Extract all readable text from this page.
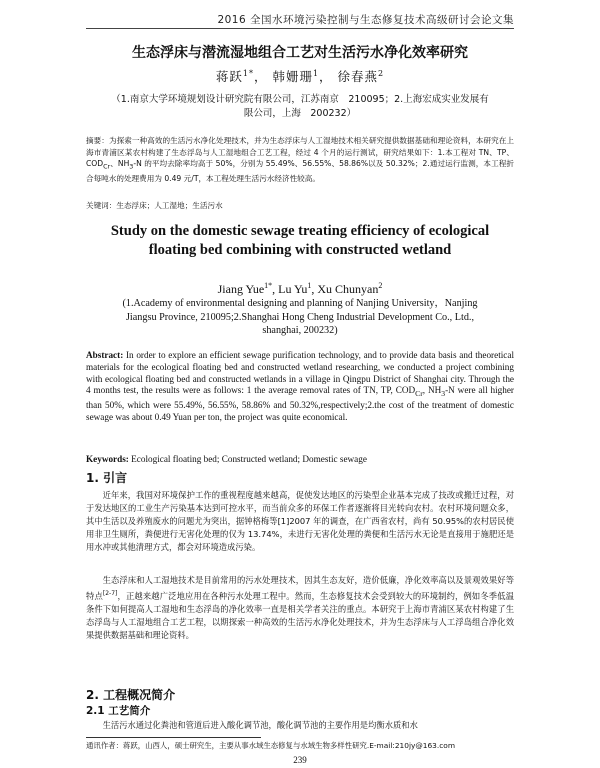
2016 全国水环境污染控制与生态修复技术高级研讨会论文集
生态浮床与潜流湿地组合工艺对生活污水净化效率研究
蒋跃$^{1*}$， 韩姗珊$^1$， 徐春燕$^2$
（1.南京大学环境规划设计研究院有限公司，江苏南京　210095；2.上海宏成实业发展有限公司，上海　200232）
摘要：为探索一种高效的生活污水净化处理技术，并为生态浮床与人工湿地技术相关研究提供数据基础和理论资料，本研究在上海市青浦区某农村构建了生态浮岛与人工湿地组合工艺工程，经过 4 个月的运行测试，研究结果如下：1.本工程对 TN、TP、$COD_{Cr}$、$NH_3-N$ 的平均去除率均高于 50%，分别为 55.49%、56.55%、58.86%以及 50.32%；2.通过运行监测，本工程折合每吨水的处理费用为 0.49 元/T，本工程处理生活污水经济性较高。
关键词：生态浮床；人工湿地；生活污水
Study on the domestic sewage treating efficiency of ecological floating bed combining with constructed wetland
Jiang Yue$^{1*}$, Lu Yu$^1$, Xu Chunyan$^2$
(1.Academy of environmental designing and planning of Nanjing University，Nanjing Jiangsu Province, 210095;2.Shanghai Hong Cheng Industrial Development Co., Ltd., shanghai, 200232)
Abstract: In order to explore an efficient sewage purification technology, and to provide data basis and theoretical materials for the ecological floating bed and constructed wetland researching, we conducted a project combining with ecological floating bed and constructed wetlands in a village in Qingpu District of Shanghai city. Through the 4 months test, the results were as follows: 1 the average removal rates of TN, TP, $COD_{Cr}$, $NH_3-N$ were all higher than 50%, which were 55.49%, 56.55%, 58.86% and 50.32%,respectively;2.the cost of the treatment of domestic sewage was about 0.49 Yuan per ton, the project was quite economical.
Keywords: Ecological floating bed; Constructed wetland; Domestic sewage
1. 引言
近年来，我国对环境保护工作的重视程度越来越高，促使发达地区的污染型企业基本完成了技改或搬迁过程，对于发达地区的工业生产污染基本达到可控水平，而当前众多的环保工作者逐渐将目光转向农村。农村环境问题众多，其中生活以及养殖废水的问题尤为突出，据钟格梅等[1]2007 年的调查，在广西省农村，尚有 50.95%的农村居民使用非卫生厕所，粪便进行无害化处理的仅为 13.74%，未进行无害化处理的粪便和生活污水无论是直接用于施肥还是用水冲或其他清理方式，都会对环境造成污染。
生态浮床和人工湿地技术是目前常用的污水处理技术，因其生态友好，造价低廉，净化效率高以及景观效果好等特点[2-7]，正越来越广泛地应用在各种污水处理工程中。然而，生态修复技术会受到较大的环境制约，例如冬季低温条件下如何提高人工湿地和生态浮岛的净化效率一直是相关学者关注的重点。本研究于上海市青浦区某农村构建了生态浮岛与人工湿地组合工艺工程，以期探索一种高效的生活污水净化处理技术，并为生态浮床与人工浮岛组合净化效果提供数据基础和理论资料。
2. 工程概况简介
2.1 工艺简介
生活污水通过化粪池和管道后进入酸化调节池，酸化调节池的主要作用是均衡水质和水
通讯作者：蒋跃，山西人，硕士研究生，主要从事水域生态修复与水域生物多样性研究.E-mail:210jy@163.com
239
